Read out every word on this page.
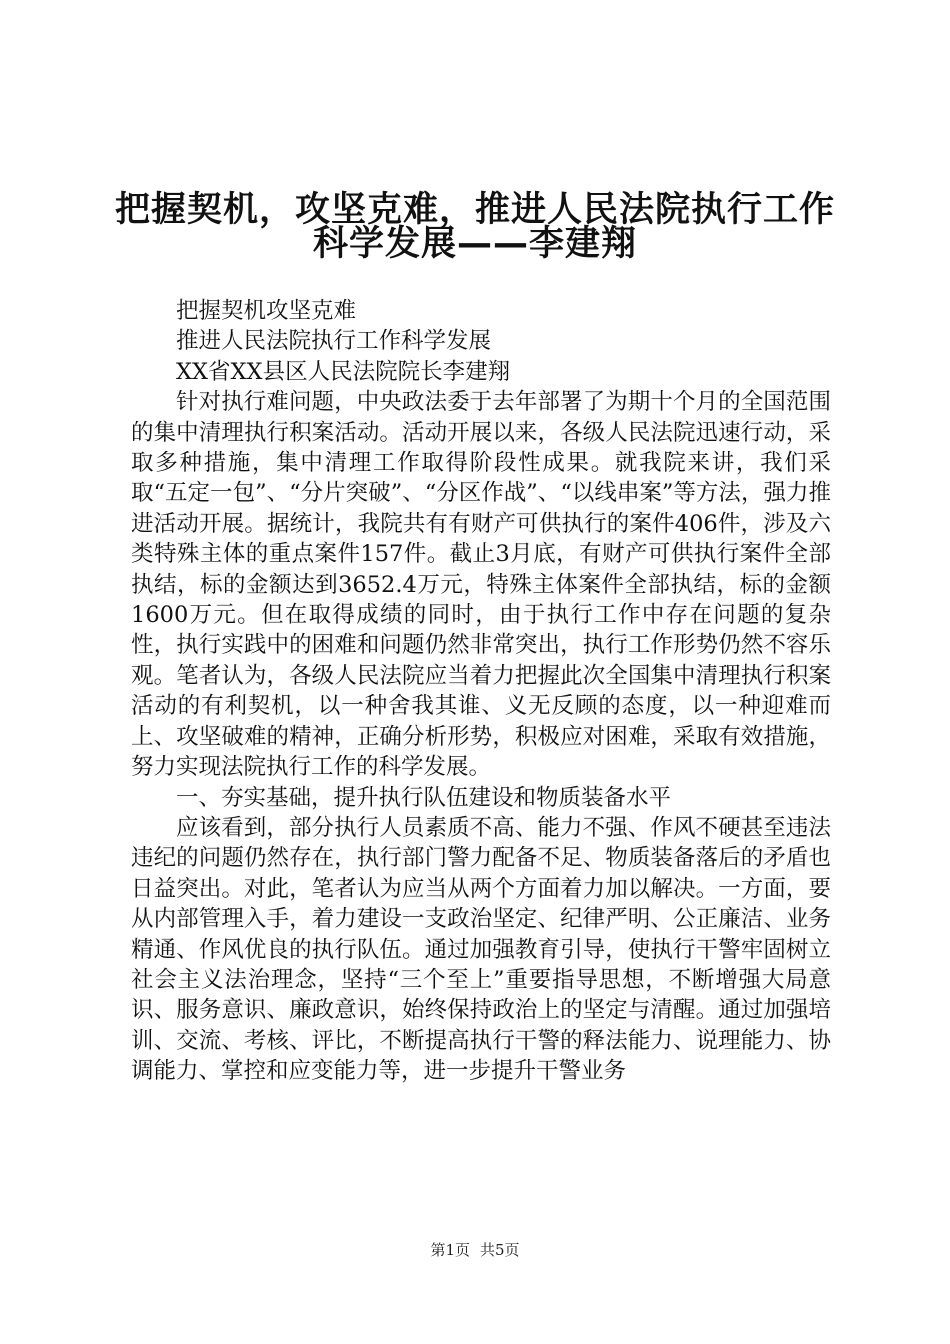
把握契机，攻坚克难，推进人民法院执行工作
科学发展——李建翔

把握契机攻坚克难

推进人民法院执行工作科学发展

XX省XX县区人民法院院长李建翔

针对执行难问题，中央政法委于去年部署了为期十个月的全国范围的集中清理执行积案活动。活动开展以来，各级人民法院迅速行动，采取多种措施，集中清理工作取得阶段性成果。就我院来讲，我们采取“五定一包”、“分片突破”、“分区作战”、“以线串案”等方法，强力推进活动开展。据统计，我院共有有财产可供执行的案件406件，涉及六类特殊主体的重点案件157件。截止3月底，有财产可供执行案件全部执结，标的金额达到3652.4万元，特殊主体案件全部执结，标的金额1600万元。但在取得成绩的同时，由于执行工作中存在问题的复杂性，执行实践中的困难和问题仍然非常突出，执行工作形势仍然不容乐观。笔者认为，各级人民法院应当着力把握此次全国集中清理执行积案活动的有利契机，以一种舍我其谁、义无反顾的态度，以一种迎难而上、攻坚破难的精神，正确分析形势，积极应对困难，采取有效措施，努力实现法院执行工作的科学发展。

一、夯实基础，提升执行队伍建设和物质装备水平

应该看到，部分执行人员素质不高、能力不强、作风不硬甚至违法违纪的问题仍然存在，执行部门警力配备不足、物质装备落后的矛盾也日益突出。对此，笔者认为应当从两个方面着力加以解决。一方面，要从内部管理入手，着力建设一支政治坚定、纪律严明、公正廉洁、业务精通、作风优良的执行队伍。通过加强教育引导，使执行干警牢固树立社会主义法治理念，坚持“三个至上”重要指导思想，不断增强大局意识、服务意识、廉政意识，始终保持政治上的坚定与清醒。通过加强培训、交流、考核、评比，不断提高执行干警的释法能力、说理能力、协调能力、掌控和应变能力等，进一步提升干警业务

第1页 共5页
